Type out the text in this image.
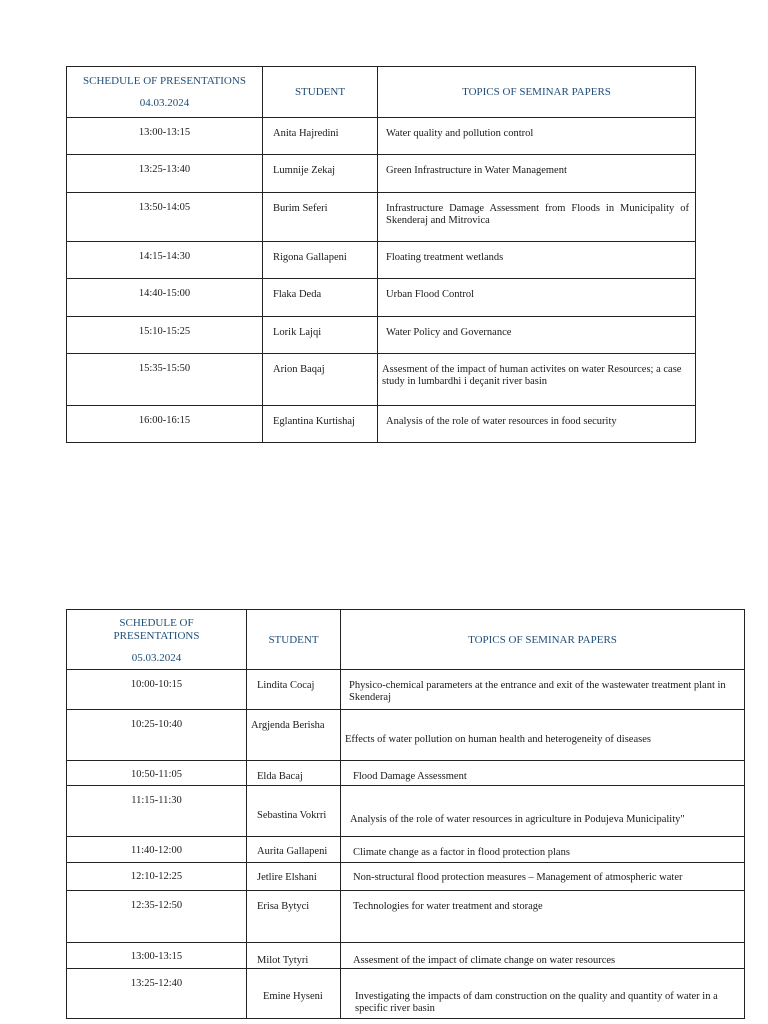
SCHEDULE OF PRESENTATIONS
04.03.2024	STUDENT	TOPICS OF SEMINAR PAPERS
13:00-13:15	Anita Hajredini	Water quality and pollution control
13:25-13:40	Lumnije Zekaj	Green Infrastructure in Water Management
13:50-14:05	Burim Seferi	Infrastructure Damage Assessment from Floods in Municipality of Skenderaj and Mitrovica
14:15-14:30	Rigona Gallapeni	Floating treatment wetlands
14:40-15:00	Flaka Deda	Urban Flood Control
15:10-15:25	Lorik Lajqi	Water Policy and Governance
15:35-15:50	Arion Baqaj	Assesment of the impact of human activites on water Resources; a case study in lumbardhi i deçanit river basin
16:00-16:15	Eglantina Kurtishaj	Analysis of the role of water resources in food security
SCHEDULE OF
PRESENTATIONS
05.03.2024	STUDENT	TOPICS OF SEMINAR PAPERS
10:00-10:15	Lindita Cocaj	Physico-chemical parameters at the entrance and exit of the wastewater treatment plant in Skenderaj
10:25-10:40	Argjenda Berisha	Effects of water pollution on human health and heterogeneity of diseases
10:50-11:05	Elda Bacaj	Flood Damage Assessment
11:15-11:30	Sebastina Vokrri	Analysis of the role of water resources in agriculture in Podujeva Municipality"
11:40-12:00	Aurita Gallapeni	Climate change as a factor in flood protection plans
12:10-12:25	Jetlire Elshani	Non-structural flood protection measures – Management of atmospheric water
12:35-12:50	Erisa Bytyci	Technologies for water treatment and storage
13:00-13:15	Milot Tytyri	Assesment of the impact of climate change on water resources
13:25-12:40	Emine Hyseni	Investigating the impacts of dam construction on the quality and quantity of water in a specific river basin
